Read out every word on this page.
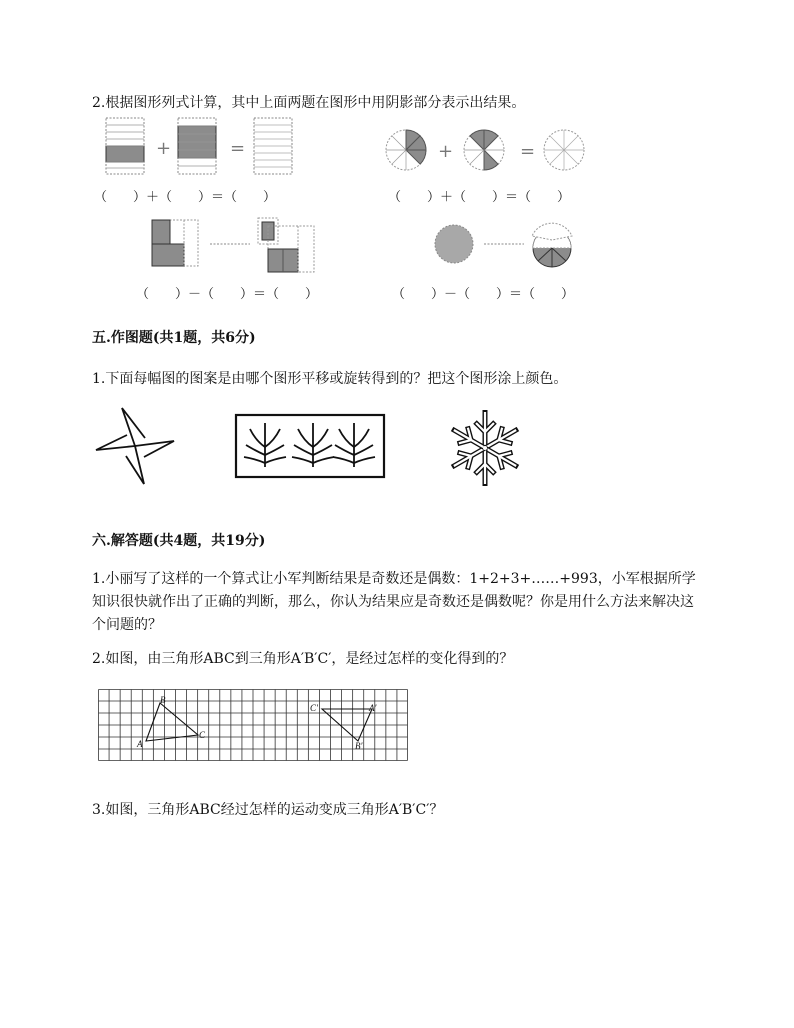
2.根据图形列式计算，其中上面两题在图形中用阴影部分表示出结果。
+	=	+	=
（　　）＋（　　）＝（　　）	（　　）＋（　　）＝（　　）
（　　）－（　　）＝（　　）	（　　）－（　　）＝（　　）
五.作图题(共1题，共6分)
1.下面每幅图的图案是由哪个图形平移或旋转得到的？把这个图形涂上颜色。
六.解答题(共4题，共19分)
1.小丽写了这样的一个算式让小军判断结果是奇数还是偶数：1+2+3+……+993，小军根据所学知识很快就作出了正确的判断，那么，你认为结果应是奇数还是偶数呢？你是用什么方法来解决这个问题的？
2.如图，由三角形ABC到三角形A′B′C′，是经过怎样的变化得到的？
B
A
C
C′	A′
B′
3.如图，三角形ABC经过怎样的运动变成三角形A′B′C′？
